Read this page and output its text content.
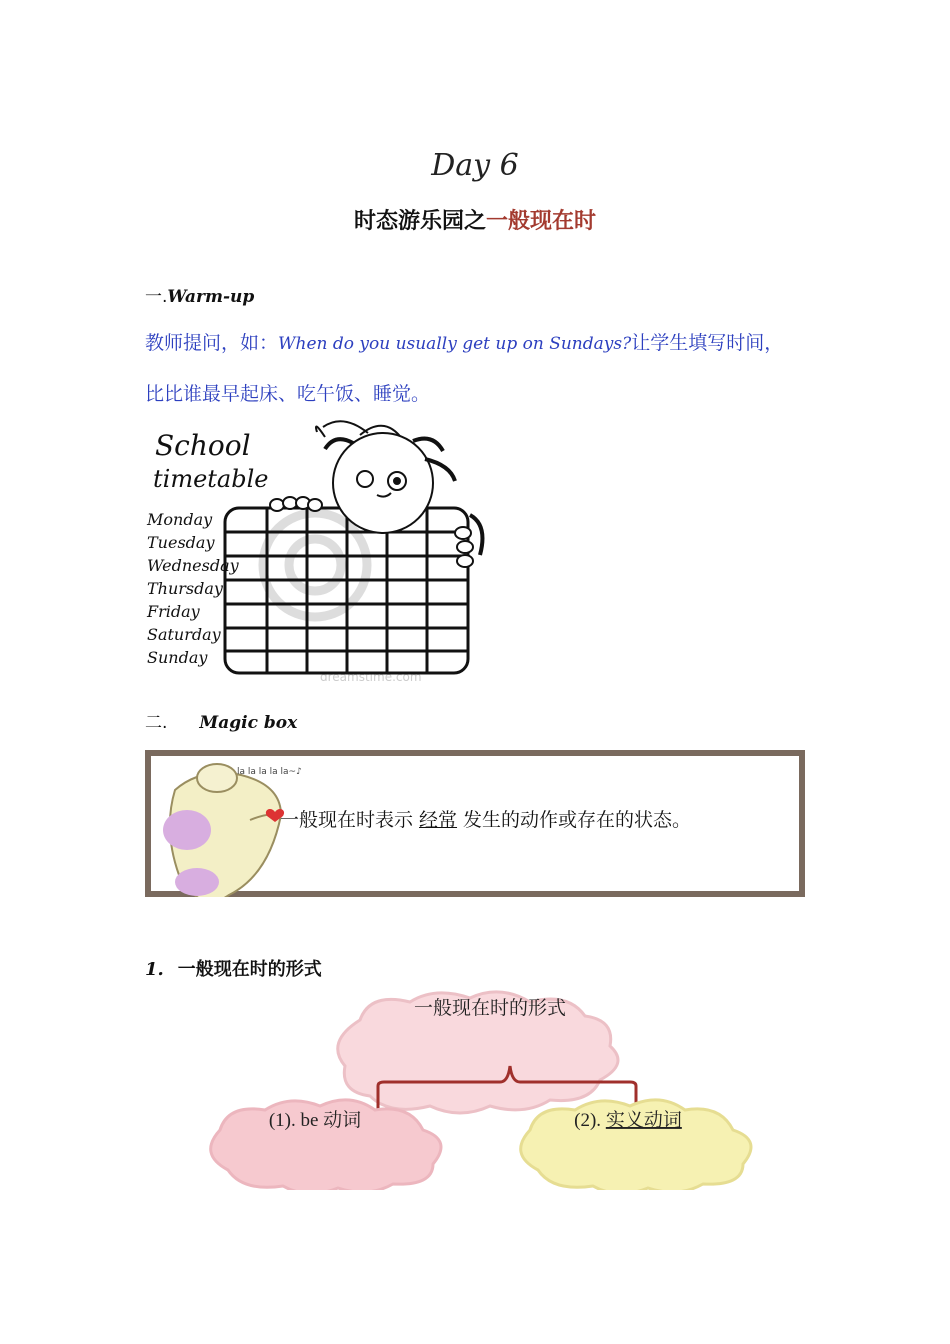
Day 6
时态游乐园之一般现在时
一.Warm-up
教师提问，如：When do you usually get up on Sundays?让学生填写时间，
比比谁最早起床、吃午饭、睡觉。
dreamstime.com
School
timetable
Monday
Tuesday
Wednesday
Thursday
Friday
Saturday
Sunday
二. Magic box
la la la la la~♪
一般现在时表示 经常 发生的动作或存在的状态。
1. 一般现在时的形式
一般现在时的形式
(1). be 动词	(2). 实义动词
